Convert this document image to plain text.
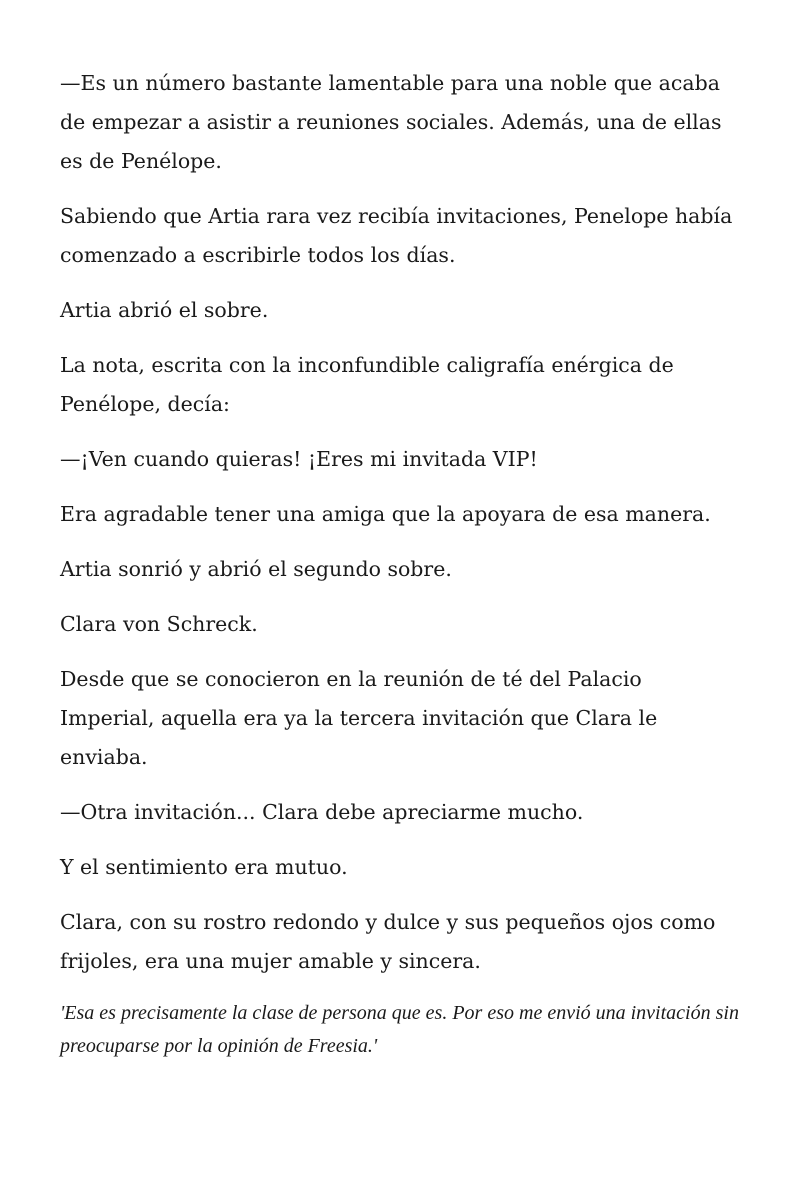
—Es un número bastante lamentable para una noble que acaba de empezar a asistir a reuniones sociales. Además, una de ellas es de Penélope.

Sabiendo que Artia rara vez recibía invitaciones, Penelope había comenzado a escribirle todos los días.

Artia abrió el sobre.

La nota, escrita con la inconfundible caligrafía enérgica de Penélope, decía:

—¡Ven cuando quieras! ¡Eres mi invitada VIP!

Era agradable tener una amiga que la apoyara de esa manera.

Artia sonrió y abrió el segundo sobre.

Clara von Schreck.

Desde que se conocieron en la reunión de té del Palacio Imperial, aquella era ya la tercera invitación que Clara le enviaba.

—Otra invitación... Clara debe apreciarme mucho.

Y el sentimiento era mutuo.

Clara, con su rostro redondo y dulce y sus pequeños ojos como frijoles, era una mujer amable y sincera.

'Esa es precisamente la clase de persona que es. Por eso me envió una invitación sin preocuparse por la opinión de Freesia.'
